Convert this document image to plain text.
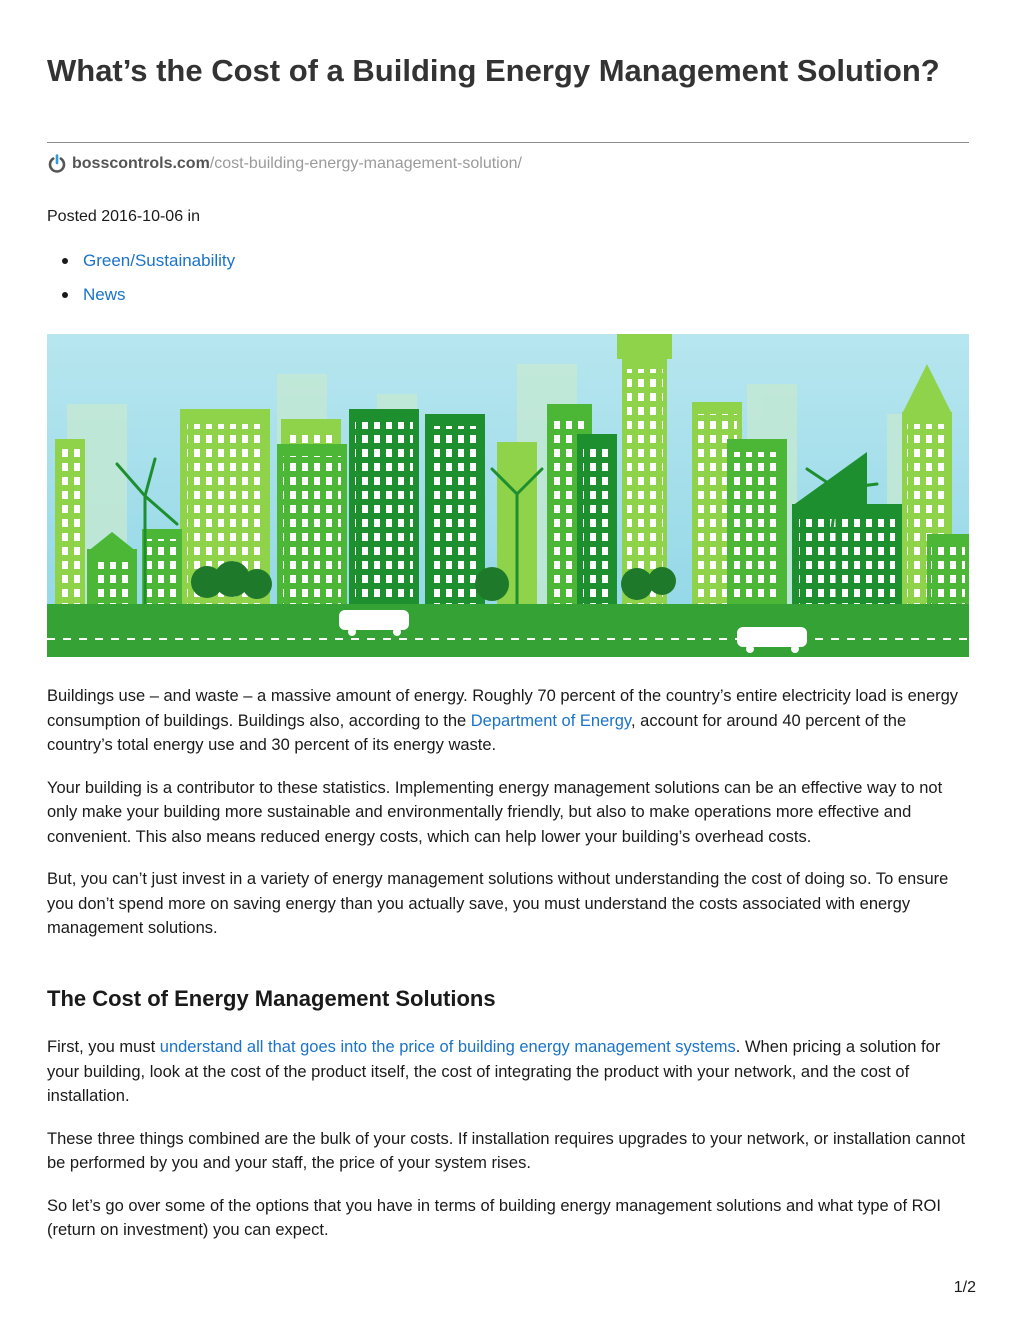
What’s the Cost of a Building Energy Management Solution?
bosscontrols.com /cost-building-energy-management-solution/
Posted 2016-10-06 in
Green/Sustainability
News

Buildings use – and waste – a massive amount of energy. Roughly 70 percent of the country’s entire electricity load is energy consumption of buildings. Buildings also, according to the Department of Energy, account for around 40 percent of the country’s total energy use and 30 percent of its energy waste.

Your building is a contributor to these statistics. Implementing energy management solutions can be an effective way to not only make your building more sustainable and environmentally friendly, but also to make operations more effective and convenient. This also means reduced energy costs, which can help lower your building’s overhead costs.

But, you can’t just invest in a variety of energy management solutions without understanding the cost of doing so. To ensure you don’t spend more on saving energy than you actually save, you must understand the costs associated with energy management solutions.

The Cost of Energy Management Solutions

First, you must understand all that goes into the price of building energy management systems. When pricing a solution for your building, look at the cost of the product itself, the cost of integrating the product with your network, and the cost of installation.

These three things combined are the bulk of your costs. If installation requires upgrades to your network, or installation cannot be performed by you and your staff, the price of your system rises.

So let’s go over some of the options that you have in terms of building energy management solutions and what type of ROI (return on investment) you can expect.

1/2
